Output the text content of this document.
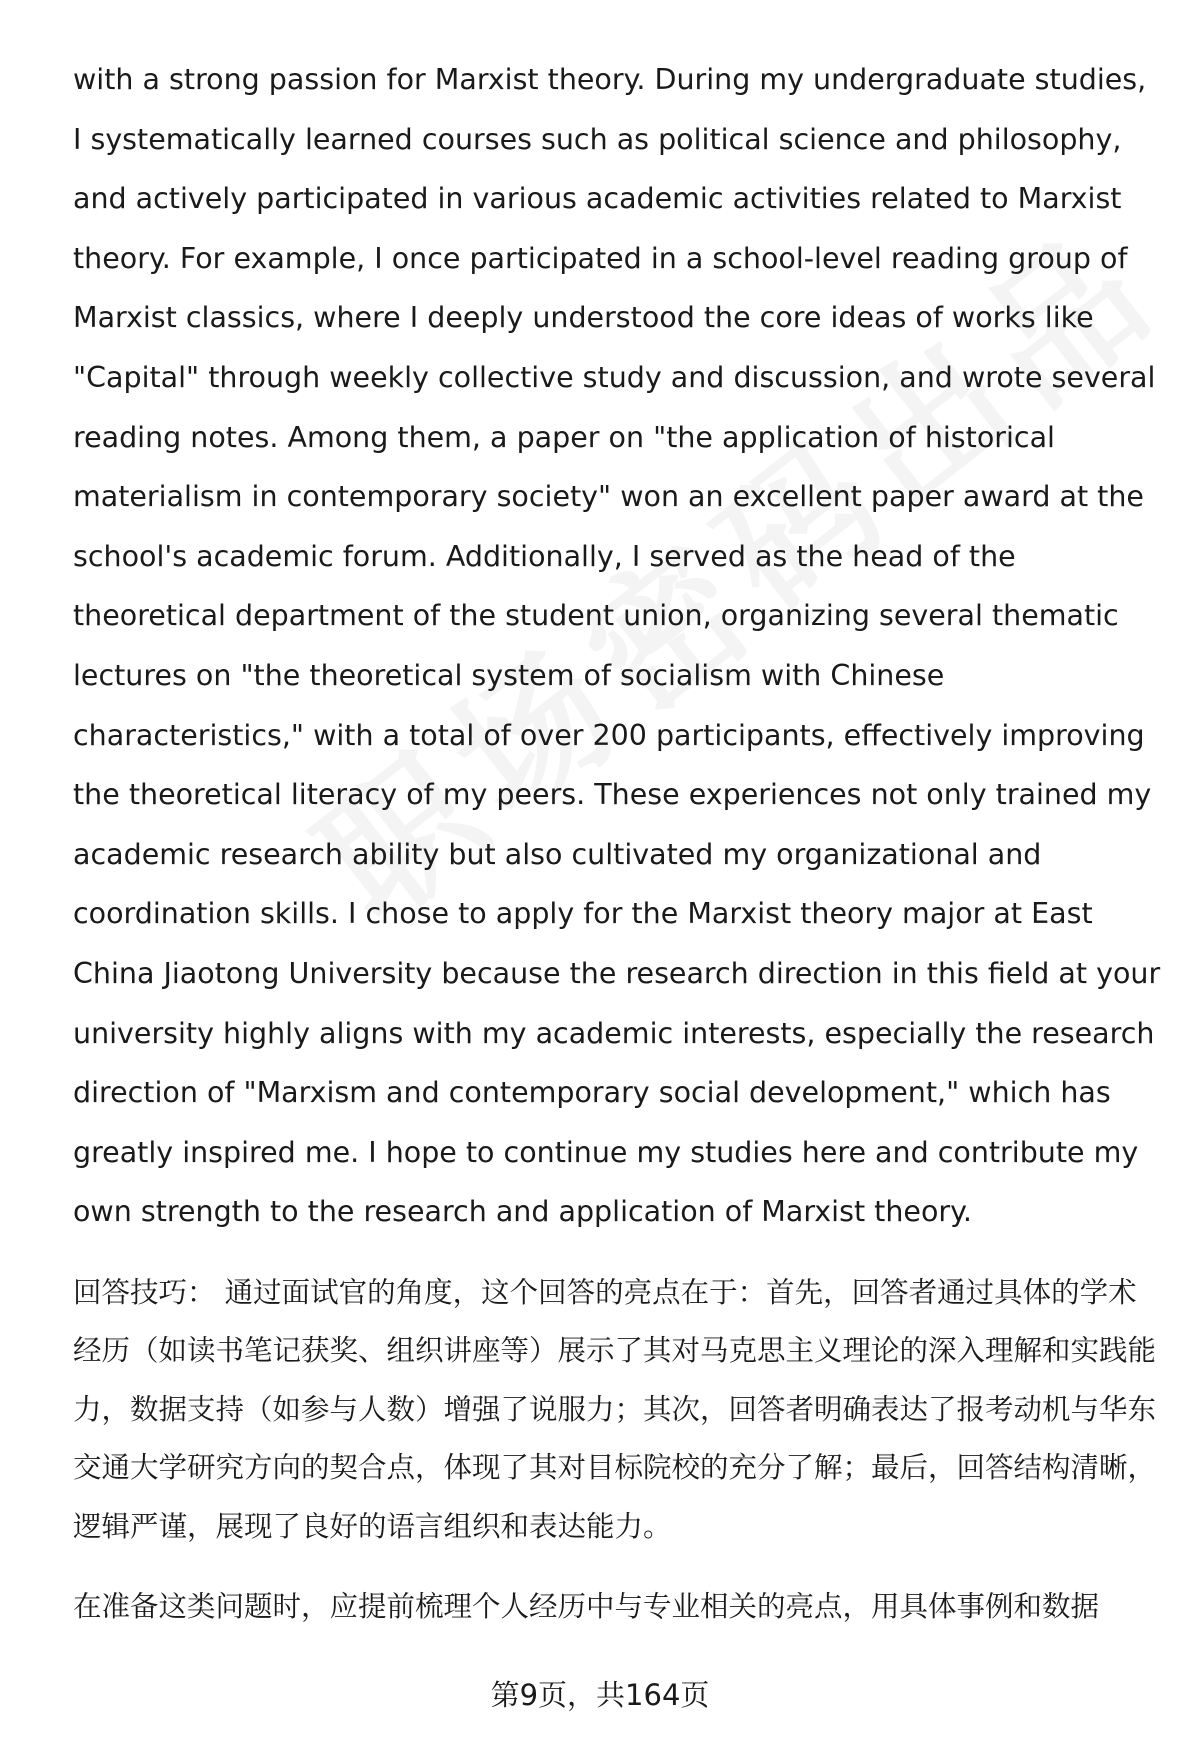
with a strong passion for Marxist theory. During my undergraduate studies, I systematically learned courses such as political science and philosophy, and actively participated in various academic activities related to Marxist theory. For example, I once participated in a school-level reading group of Marxist classics, where I deeply understood the core ideas of works like "Capital" through weekly collective study and discussion, and wrote several reading notes. Among them, a paper on "the application of historical materialism in contemporary society" won an excellent paper award at the school's academic forum. Additionally, I served as the head of the theoretical department of the student union, organizing several thematic lectures on "the theoretical system of socialism with Chinese characteristics," with a total of over 200 participants, effectively improving the theoretical literacy of my peers. These experiences not only trained my academic research ability but also cultivated my organizational and coordination skills. I chose to apply for the Marxist theory major at East China Jiaotong University because the research direction in this field at your university highly aligns with my academic interests, especially the research direction of "Marxism and contemporary social development," which has greatly inspired me. I hope to continue my studies here and contribute my own strength to the research and application of Marxist theory.

回答技巧： 通过面试官的角度，这个回答的亮点在于：首先，回答者通过具体的学术经历（如读书笔记获奖、组织讲座等）展示了其对马克思主义理论的深入理解和实践能力，数据支持（如参与人数）增强了说服力；其次，回答者明确表达了报考动机与华东交通大学研究方向的契合点，体现了其对目标院校的充分了解；最后，回答结构清晰，逻辑严谨，展现了良好的语言组织和表达能力。

在准备这类问题时，应提前梳理个人经历中与专业相关的亮点，用具体事例和数据

第9页，共164页
